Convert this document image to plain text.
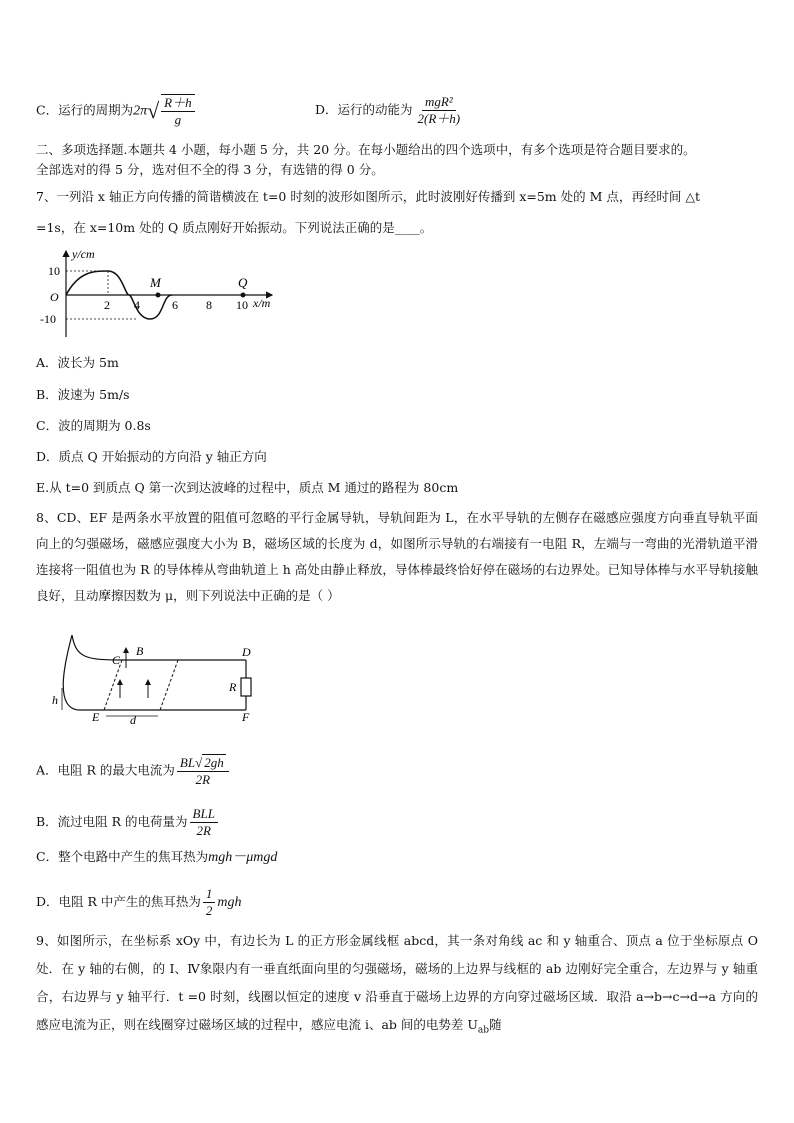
C．运行的周期为$2\pi√ \frac{R+h}{g}$	D．运行的动能为 $\frac{\text{mgR²}}{2(R+h)}$
二、多项选择题.本题共 4 小题，每小题 5 分，共 20 分。在每小题给出的四个选项中，有多个选项是符合题目要求的。
全部选对的得 5 分，选对但不全的得 3 分，有选错的得 0 分。
7、一列沿 x 轴正方向传播的简谐横波在 t=0 时刻的波形如图所示，此时波刚好传播到 x=5m 处的 M 点，再经时间 △t
=1s，在 x=10m 处的 Q 质点刚好开始振动。下列说法正确的是____。
y/cm
10
-10
O
2 4	6 8 10 x/m
M	Q
A．波长为 5m
B．波速为 5m/s
C．波的周期为 0.8s
D．质点 Q 开始振动的方向沿 y 轴正方向
E.从 t=0 到质点 Q 第一次到达波峰的过程中，质点 M 通过的路程为 80cm
8、CD、EF 是两条水平放置的阻值可忽略的平行金属导轨，导轨间距为 L，在水平导轨的左侧存在磁感应强度方向垂直导轨平面向上的匀强磁场，磁感应强度大小为 B，磁场区域的长度为 d，如图所示导轨的右端接有一电阻 R，左端与一弯曲的光滑轨道平滑连接将一阻值也为 R 的导体棒从弯曲轨道上 h 高处由静止释放，导体棒最终恰好停在磁场的右边界处。已知导体棒与水平导轨接触良好，且动摩擦因数为 μ，则下列说法中正确的是（ ）
C
B	D
R
h
E	d	F
A．电阻 R 的最大电流为 $\frac{BL√ 2gh}{2R}$
B．流过电阻 R 的电荷量为 $\frac{\text{BLL}}{2R}$
C．整个电路中产生的焦耳热为mgh－μmgd
D．电阻 R 中产生的焦耳热为 $\frac{1}{2}$ mgh
9、如图所示，在坐标系 xOy 中，有边长为 L 的正方形金属线框 abcd，其一条对角线 ac 和 y 轴重合、顶点 a 位于坐标原点 O 处．在 y 轴的右侧，的 I、Ⅳ象限内有一垂直纸面向里的匀强磁场，磁场的上边界与线框的 ab 边刚好完全重合，左边界与 y 轴重合，右边界与 y 轴平行．t =0 时刻，线圈以恒定的速度 v 沿垂直于磁场上边界的方向穿过磁场区域．取沿 a→b→c→d→a 方向的感应电流为正，则在线圈穿过磁场区域的过程中，感应电流 i、ab 间的电势差 $U_{ab}$随
